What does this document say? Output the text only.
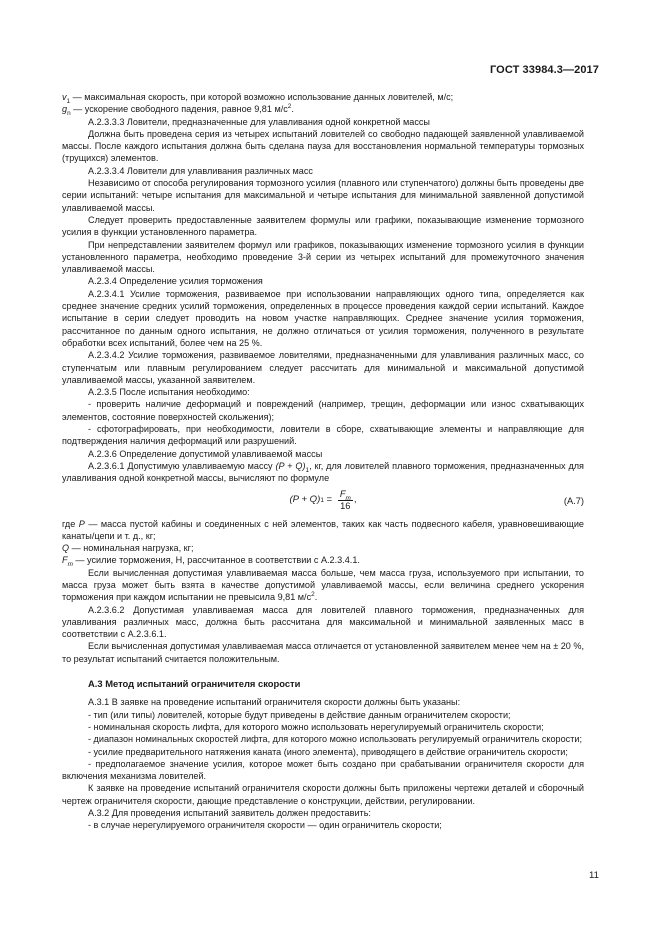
ГОСТ 33984.3—2017

$v_1$ — максимальная скорость, при которой возможно использование данных ловителей, м/с;

$g_n$ — ускорение свободного падения, равное 9,81 $м/с^2$.

А.2.3.3.3 Ловители, предназначенные для улавливания одной конкретной массы

Должна быть проведена серия из четырех испытаний ловителей со свободно падающей заявленной улавливаемой массы. После каждого испытания должна быть сделана пауза для восстановления нормальной температуры тормозных (трущихся) элементов.

А.2.3.3.4 Ловители для улавливания различных масс

Независимо от способа регулирования тормозного усилия (плавного или ступенчатого) должны быть проведены две серии испытаний: четыре испытания для максимальной и четыре испытания для минимальной заявленной допустимой улавливаемой массы.

Следует проверить предоставленные заявителем формулы или графики, показывающие изменение тормозного усилия в функции установленного параметра.

При непредставлении заявителем формул или графиков, показывающих изменение тормозного усилия в функции установленного параметра, необходимо проведение 3-й серии из четырех испытаний для промежуточного значения улавливаемой массы.

А.2.3.4 Определение усилия торможения

А.2.3.4.1 Усилие торможения, развиваемое при использовании направляющих одного типа, определяется как среднее значение средних усилий торможения, определенных в процессе проведения каждой серии испытаний. Каждое испытание в серии следует проводить на новом участке направляющих. Среднее значение усилия торможения, рассчитанное по данным одного испытания, не должно отличаться от усилия торможения, полученного в результате обработки всех испытаний, более чем на 25 %.

А.2.3.4.2 Усилие торможения, развиваемое ловителями, предназначенными для улавливания различных масс, со ступенчатым или плавным регулированием следует рассчитать для минимальной и максимальной допустимой улавливаемой массы, указанной заявителем.

А.2.3.5 После испытания необходимо:

- проверить наличие деформаций и повреждений (например, трещин, деформации или износ схватывающих элементов, состояние поверхностей скольжения);

- сфотографировать, при необходимости, ловители в сборе, схватывающие элементы и направляющие для подтверждения наличия деформаций или разрушений.

А.2.3.6 Определение допустимой улавливаемой массы

А.2.3.6.1 Допустимую улавливаемую массу $(P + Q)_1$, кг, для ловителей плавного торможения, предназначенных для улавливания одной конкретной массы, вычисляют по формуле

(P + Q) $1 = \frac{F_m}{16}$ ,	(А.7)

где P — масса пустой кабины и соединенных с ней элементов, таких как часть подвесного кабеля, уравновешивающие канаты/цепи и т. д., кг;

Q — номинальная нагрузка, кг;

$F_m$ — усилие торможения, Н, рассчитанное в соответствии с А.2.3.4.1.

Если вычисленная допустимая улавливаемая масса больше, чем масса груза, используемого при испытании, то масса груза может быть взята в качестве допустимой улавливаемой массы, если величина среднего ускорения торможения при каждом испытании не превысила 9,81 $м/с^2$.

А.2.3.6.2 Допустимая улавливаемая масса для ловителей плавного торможения, предназначенных для улавливания различных масс, должна быть рассчитана для максимальной и минимальной заявленных масс в соответствии с А.2.3.6.1.

Если вычисленная допустимая улавливаемая масса отличается от установленной заявителем менее чем на ± 20 %, то результат испытаний считается положительным.

А.3 Метод испытаний ограничителя скорости

А.3.1 В заявке на проведение испытаний ограничителя скорости должны быть указаны:

- тип (или типы) ловителей, которые будут приведены в действие данным ограничителем скорости;

- номинальная скорость лифта, для которого можно использовать нерегулируемый ограничитель скорости;

- диапазон номинальных скоростей лифта, для которого можно использовать регулируемый ограничитель скорости;

- усилие предварительного натяжения каната (иного элемента), приводящего в действие ограничитель скорости;

- предполагаемое значение усилия, которое может быть создано при срабатывании ограничителя скорости для включения механизма ловителей.

К заявке на проведение испытаний ограничителя скорости должны быть приложены чертежи деталей и сборочный чертеж ограничителя скорости, дающие представление о конструкции, действии, регулировании.

А.3.2 Для проведения испытаний заявитель должен предоставить:

- в случае нерегулируемого ограничителя скорости — один ограничитель скорости;

11
